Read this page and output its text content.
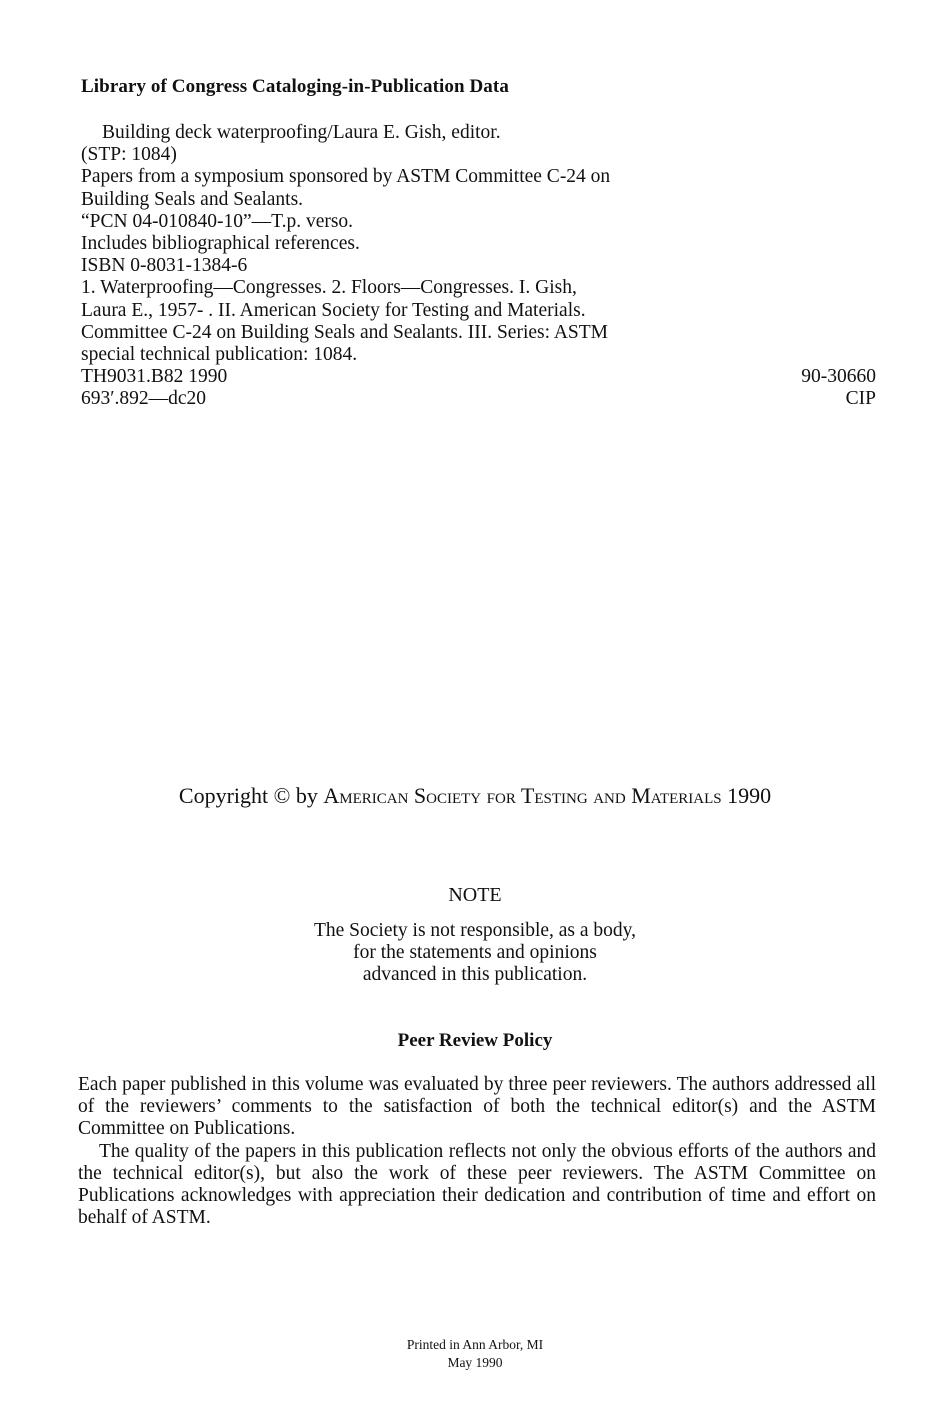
Library of Congress Cataloging-in-Publication Data
Building deck waterproofing/Laura E. Gish, editor.
(STP: 1084)
Papers from a symposium sponsored by ASTM Committee C-24 on
Building Seals and Sealants.
“PCN 04-010840-10”—T.p. verso.
Includes bibliographical references.
ISBN 0-8031-1384-6
1. Waterproofing—Congresses. 2. Floors—Congresses. I. Gish,
Laura E., 1957- . II. American Society for Testing and Materials.
Committee C-24 on Building Seals and Sealants. III. Series: ASTM
special technical publication: 1084.
TH9031.B82 1990	90-30660
693′.892—dc20	CIP
Copyright © by American Society for Testing and Materials 1990
NOTE
The Society is not responsible, as a body,
for the statements and opinions
advanced in this publication.
Peer Review Policy

Each paper published in this volume was evaluated by three peer reviewers. The authors addressed all of the reviewers’ comments to the satisfaction of both the technical editor(s) and the ASTM Committee on Publications.

The quality of the papers in this publication reflects not only the obvious efforts of the authors and the technical editor(s), but also the work of these peer reviewers. The ASTM Committee on Publications acknowledges with appreciation their dedication and contribution of time and effort on behalf of ASTM.

Printed in Ann Arbor, MI
May 1990
